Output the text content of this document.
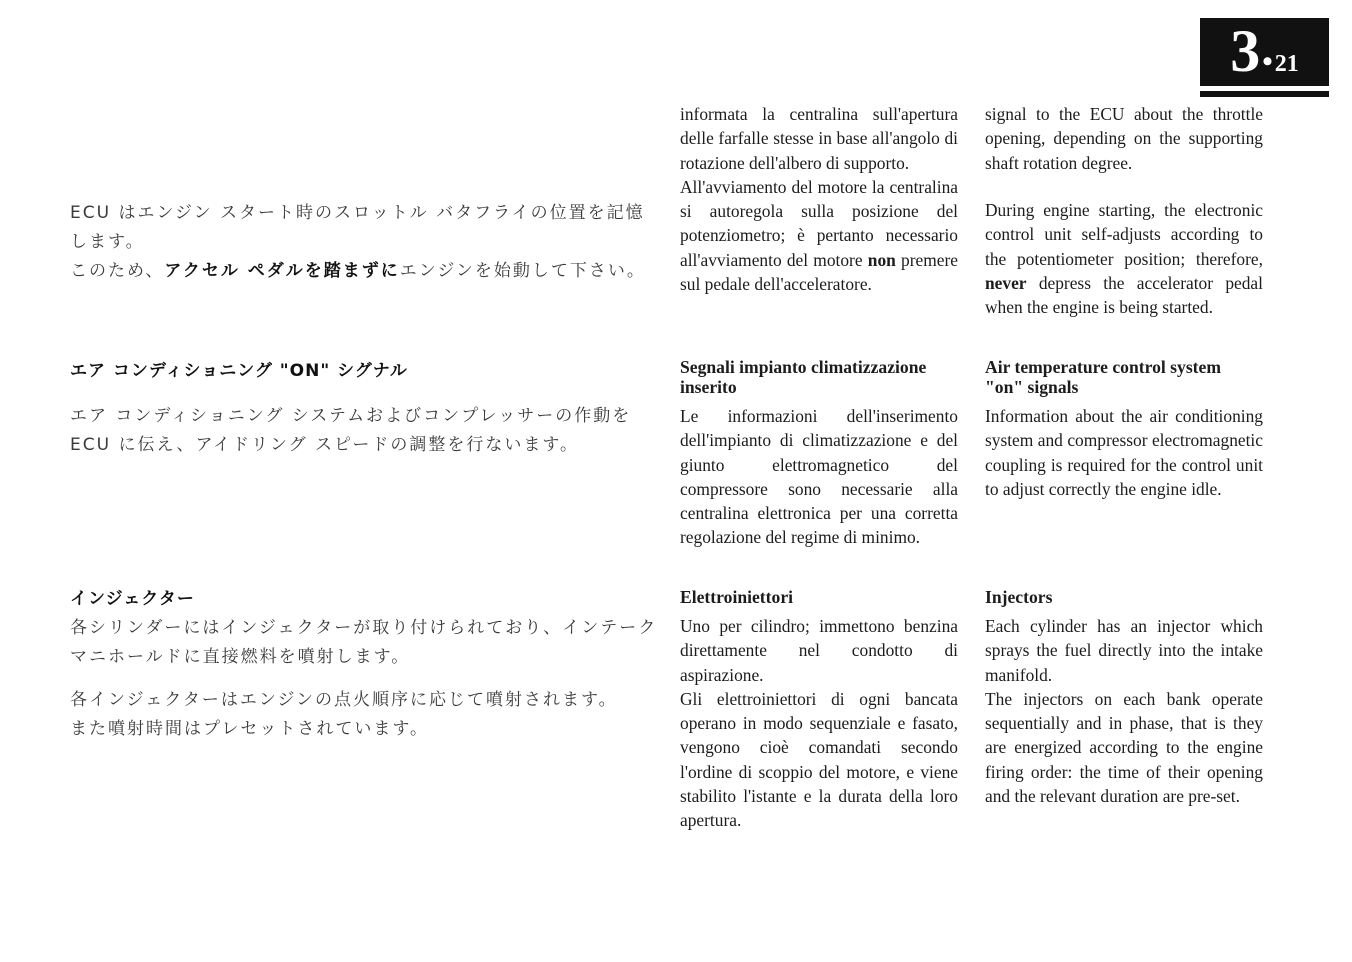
3 • 21

ECU はエンジン スタート時のスロットル バタフライの位置を記憶します。

このため、アクセル ペダルを踏まずにエンジンを始動して下さい。

エア コンディショニング "ON" シグナル

エア コンディショニング システムおよびコンプレッサーの作動を ECU に伝え、アイドリング スピードの調整を行ないます。

インジェクター

各シリンダーにはインジェクターが取り付けられており、インテーク マニホールドに直接燃料を噴射します。

各インジェクターはエンジンの点火順序に応じて噴射されます。

また噴射時間はプレセットされています。

informata la centralina sull'apertura delle farfalle stesse in base all'angolo di rotazione dell'albero di supporto.

All'avviamento del motore la centralina si autoregola sulla posizione del potenziometro; è pertanto necessario all'avviamento del motore non premere sul pedale dell'acceleratore.

Segnali impianto climatizzazione inserito

Le informazioni dell'inserimento dell'impianto di climatizzazione e del giunto elettromagnetico del compressore sono necessarie alla centralina elettronica per una corretta regolazione del regime di minimo.

Elettroiniettori

Uno per cilindro; immettono benzina direttamente nel condotto di aspirazione.

Gli elettroiniettori di ogni bancata operano in modo sequenziale e fasato, vengono cioè comandati secondo l'ordine di scoppio del motore, e viene stabilito l'istante e la durata della loro apertura.

signal to the ECU about the throttle opening, depending on the supporting shaft rotation degree.

During engine starting, the electronic control unit self-adjusts according to the potentiometer position; therefore, never depress the accelerator pedal when the engine is being started.

Air temperature control system "on" signals

Information about the air conditioning system and compressor electromagnetic coupling is required for the control unit to adjust correctly the engine idle.

Injectors

Each cylinder has an injector which sprays the fuel directly into the intake manifold.

The injectors on each bank operate sequentially and in phase, that is they are energized according to the engine firing order: the time of their opening and the relevant duration are pre-set.
